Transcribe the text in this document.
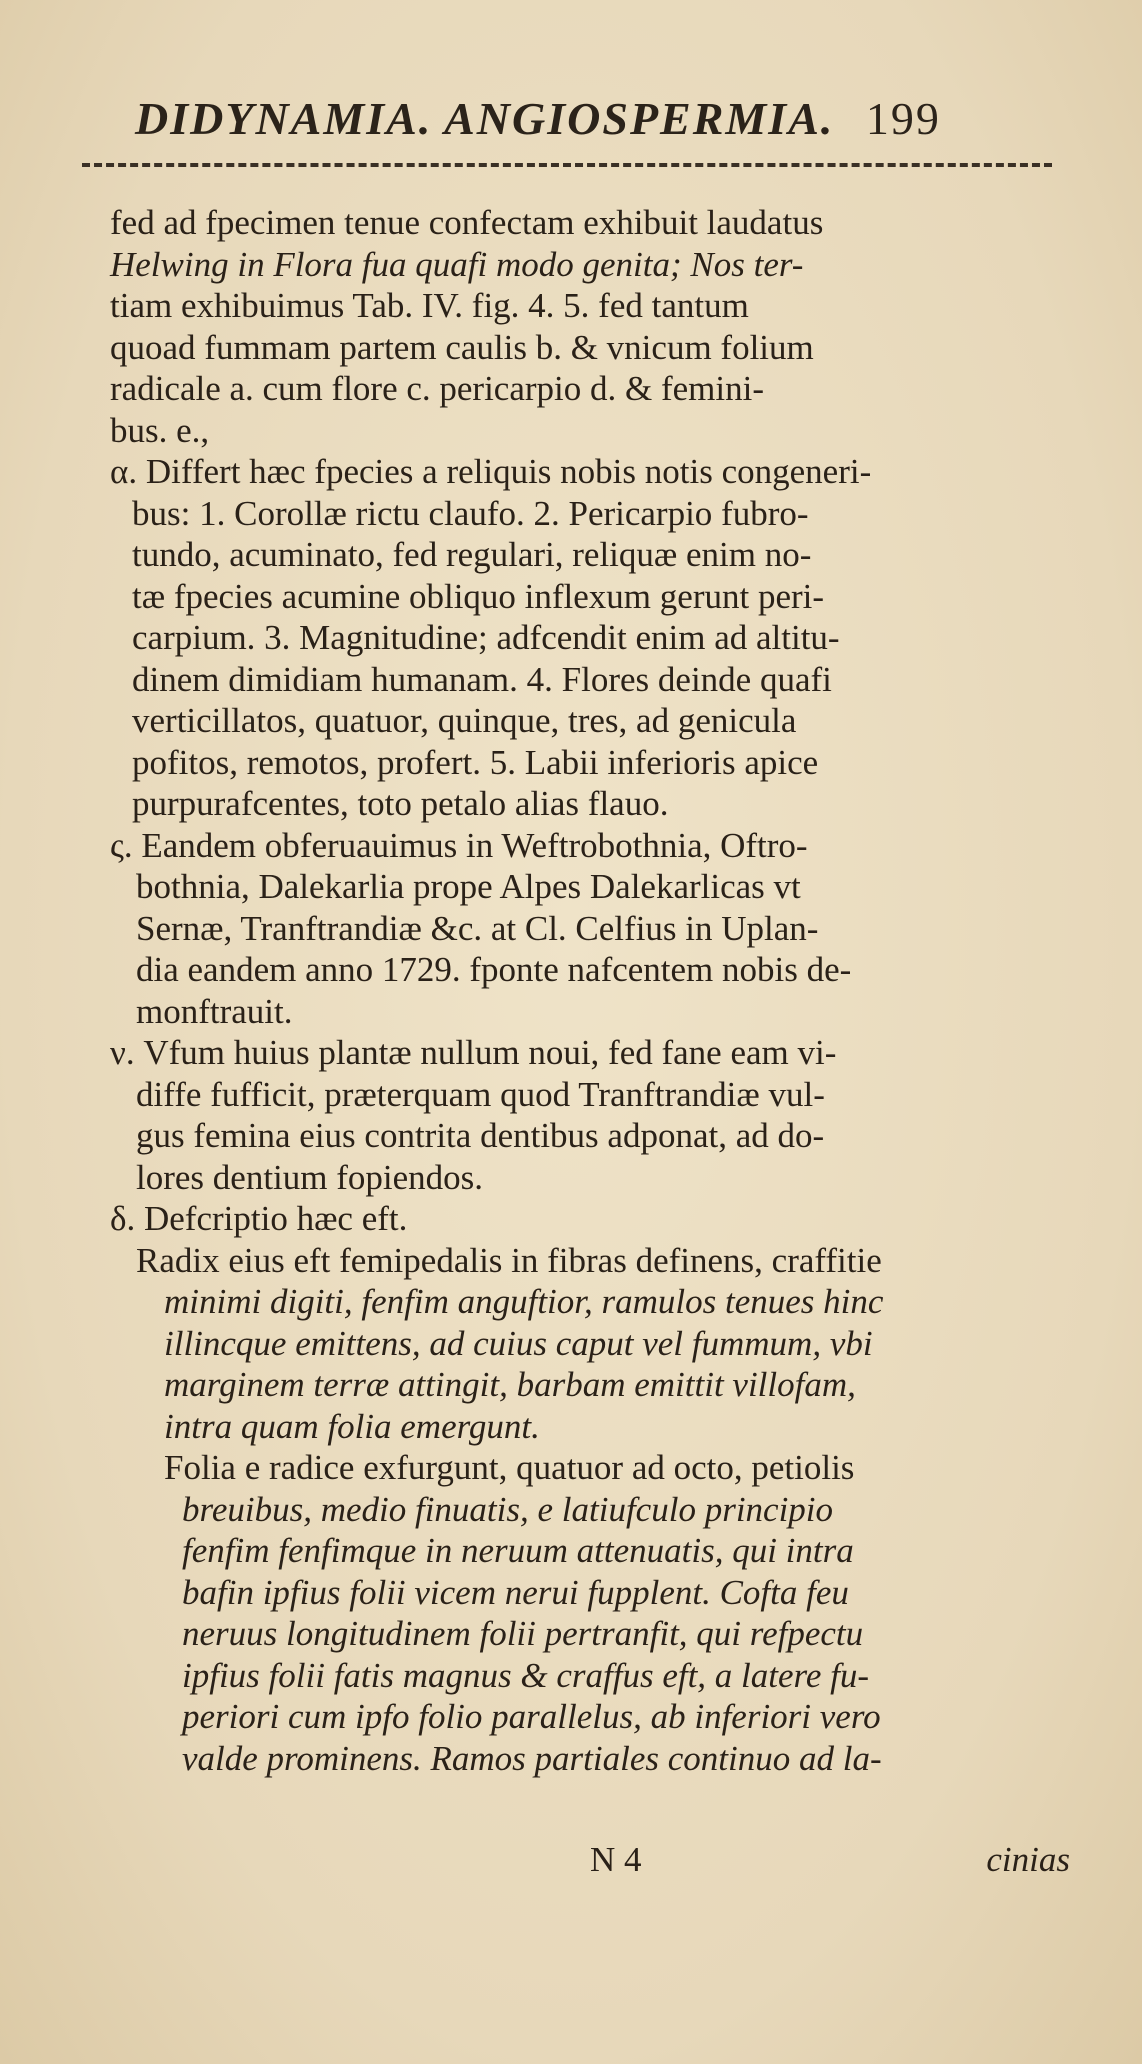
DIDYNAMIA. ANGIOSPERMIA. 199
fed ad fpecimen tenue confectam exhibuit laudatus
Helwing in Flora fua quafi modo genita; Nos ter-
tiam exhibuimus Tab. IV. fig. 4. 5. fed tantum
quoad fummam partem caulis b. & vnicum folium
radicale a. cum flore c. pericarpio d. & femini-
bus. e.,
α. Differt hæc fpecies a reliquis nobis notis congeneri-
bus: 1. Corollæ rictu claufo. 2. Pericarpio fubro-
tundo, acuminato, fed regulari, reliquæ enim no-
tæ fpecies acumine obliquo inflexum gerunt peri-
carpium. 3. Magnitudine; adfcendit enim ad altitu-
dinem dimidiam humanam. 4. Flores deinde quafi
verticillatos, quatuor, quinque, tres, ad genicula
pofitos, remotos, profert. 5. Labii inferioris apice
purpurafcentes, toto petalo alias flauo.
ς. Eandem obferuauimus in Weftrobothnia, Oftro-
bothnia, Dalekarlia prope Alpes Dalekarlicas vt
Sernæ, Tranftrandiæ &c. at Cl. Celfius in Uplan-
dia eandem anno 1729. fponte nafcentem nobis de-
monftrauit.
ν. Vfum huius plantæ nullum noui, fed fane eam vi-
diffe fufficit, præterquam quod Tranftrandiæ vul-
gus femina eius contrita dentibus adponat, ad do-
lores dentium fopiendos.
δ. Defcriptio hæc eft.
Radix eius eft femipedalis in fibras definens, craffitie
minimi digiti, fenfim anguftior, ramulos tenues hinc
illincque emittens, ad cuius caput vel fummum, vbi
marginem terræ attingit, barbam emittit villofam,
intra quam folia emergunt.
Folia e radice exfurgunt, quatuor ad octo, petiolis
breuibus, medio finuatis, e latiufculo principio
fenfim fenfimque in neruum attenuatis, qui intra
bafin ipfius folii vicem nerui fupplent. Cofta feu
neruus longitudinem folii pertranfit, qui refpectu
ipfius folii fatis magnus & craffus eft, a latere fu-
periori cum ipfo folio parallelus, ab inferiori vero
valde prominens. Ramos partiales continuo ad la-
N 4	cinias
